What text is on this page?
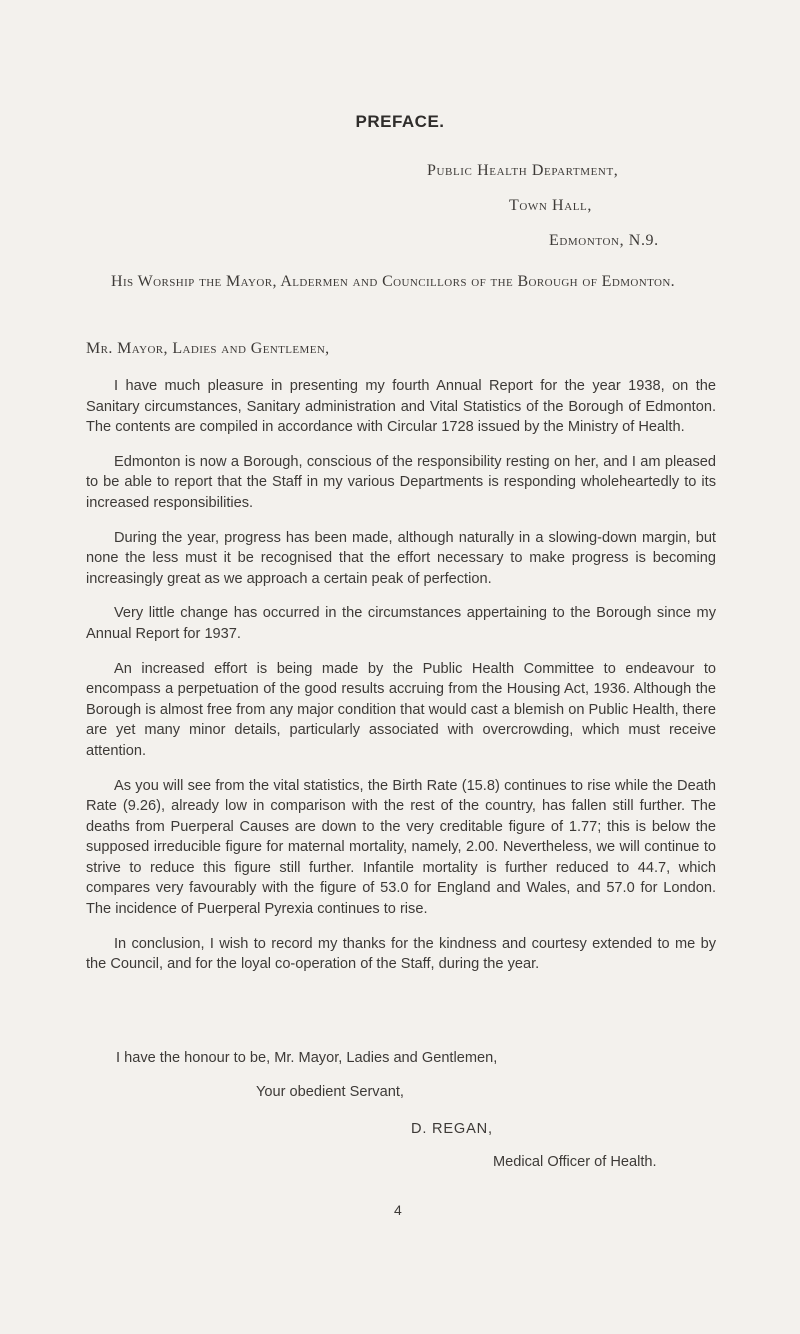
PREFACE.
Public Health Department,
Town Hall,
Edmonton, N.9.
His Worship the Mayor, Aldermen and Councillors of the Borough of Edmonton.
Mr. Mayor, Ladies and Gentlemen,

I have much pleasure in presenting my fourth Annual Report for the year 1938, on the Sanitary circumstances, Sanitary administration and Vital Statistics of the Borough of Edmonton. The contents are compiled in accordance with Circular 1728 issued by the Ministry of Health.

Edmonton is now a Borough, conscious of the responsibility resting on her, and I am pleased to be able to report that the Staff in my various Departments is responding wholeheartedly to its increased responsibilities.

During the year, progress has been made, although naturally in a slowing-down margin, but none the less must it be recognised that the effort necessary to make progress is becoming increasingly great as we approach a certain peak of perfection.

Very little change has occurred in the circumstances appertaining to the Borough since my Annual Report for 1937.

An increased effort is being made by the Public Health Committee to endeavour to encompass a perpetuation of the good results accruing from the Housing Act, 1936. Although the Borough is almost free from any major condition that would cast a blemish on Public Health, there are yet many minor details, particularly associated with overcrowding, which must receive attention.

As you will see from the vital statistics, the Birth Rate (15.8) continues to rise while the Death Rate (9.26), already low in comparison with the rest of the country, has fallen still further. The deaths from Puerperal Causes are down to the very creditable figure of 1.77; this is below the supposed irreducible figure for maternal mortality, namely, 2.00. Nevertheless, we will continue to strive to reduce this figure still further. Infantile mortality is further reduced to 44.7, which compares very favourably with the figure of 53.0 for England and Wales, and 57.0 for London. The incidence of Puerperal Pyrexia continues to rise.

In conclusion, I wish to record my thanks for the kindness and courtesy extended to me by the Council, and for the loyal co-operation of the Staff, during the year.

I have the honour to be, Mr. Mayor, Ladies and Gentlemen,
Your obedient Servant,
D. REGAN,
Medical Officer of Health.
4
